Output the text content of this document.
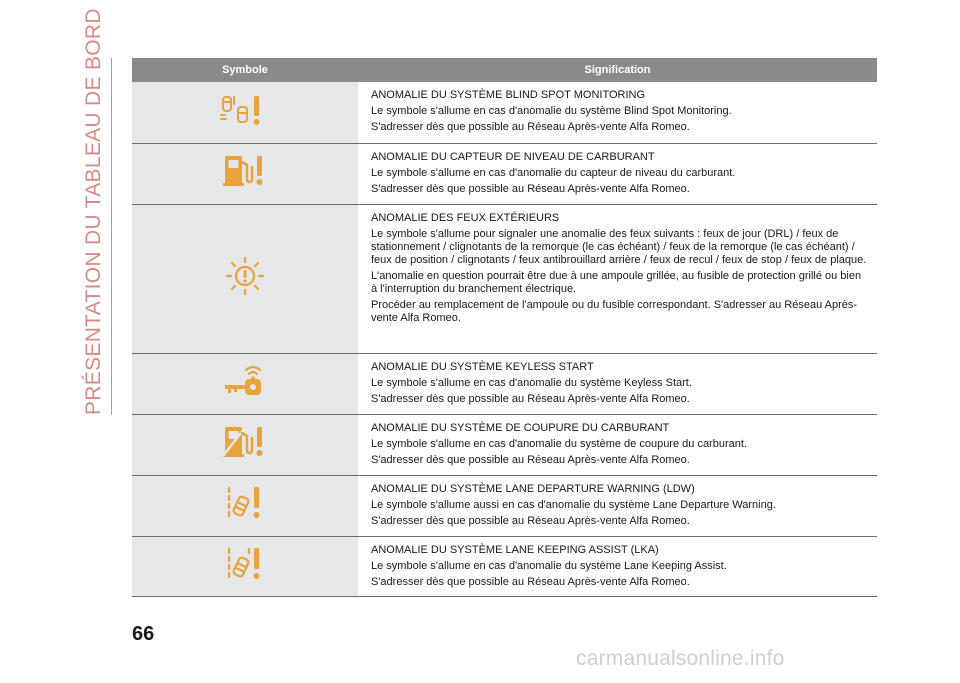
PRÉSENTATION DU TABLEAU DE BORD	Symbole	Signification

ANOMALIE DU SYSTÈME BLIND SPOT MONITORING
Le symbole s'allume en cas d'anomalie du système Blind Spot Monitoring.
S'adresser dès que possible au Réseau Après-vente Alfa Romeo.

ANOMALIE DU CAPTEUR DE NIVEAU DE CARBURANT
Le symbole s'allume en cas d'anomalie du capteur de niveau du carburant.
S'adresser dès que possible au Réseau Après-vente Alfa Romeo.

ANOMALIE DES FEUX EXTÉRIEURS
Le symbole s'allume pour signaler une anomalie des feux suivants : feux de jour (DRL) / feux de stationnement / clignotants de la remorque (le cas échéant) / feux de la remorque (le cas échéant) / feux de position / clignotants / feux antibrouillard arrière / feux de recul / feux de stop / feux de plaque.
L'anomalie en question pourrait être due à une ampoule grillée, au fusible de protection grillé ou bien à l'interruption du branchement électrique.
Procéder au remplacement de l'ampoule ou du fusible correspondant. S'adresser au Réseau Après-vente Alfa Romeo.

ANOMALIE DU SYSTÈME KEYLESS START
Le symbole s'allume en cas d'anomalie du système Keyless Start.
S'adresser dès que possible au Réseau Après-vente Alfa Romeo.

ANOMALIE DU SYSTÈME DE COUPURE DU CARBURANT
Le symbole s'allume en cas d'anomalie du système de coupure du carburant.
S'adresser dès que possible au Réseau Après-vente Alfa Romeo.

ANOMALIE DU SYSTÈME LANE DEPARTURE WARNING (LDW)
Le symbole s'allume aussi en cas d'anomalie du système Lane Departure Warning.
S'adresser dès que possible au Réseau Après-vente Alfa Romeo.

ANOMALIE DU SYSTÈME LANE KEEPING ASSIST (LKA)
Le symbole s'allume en cas d'anomalie du système Lane Keeping Assist.
S'adresser dès que possible au Réseau Après-vente Alfa Romeo.
66
carmanualsonline.info
